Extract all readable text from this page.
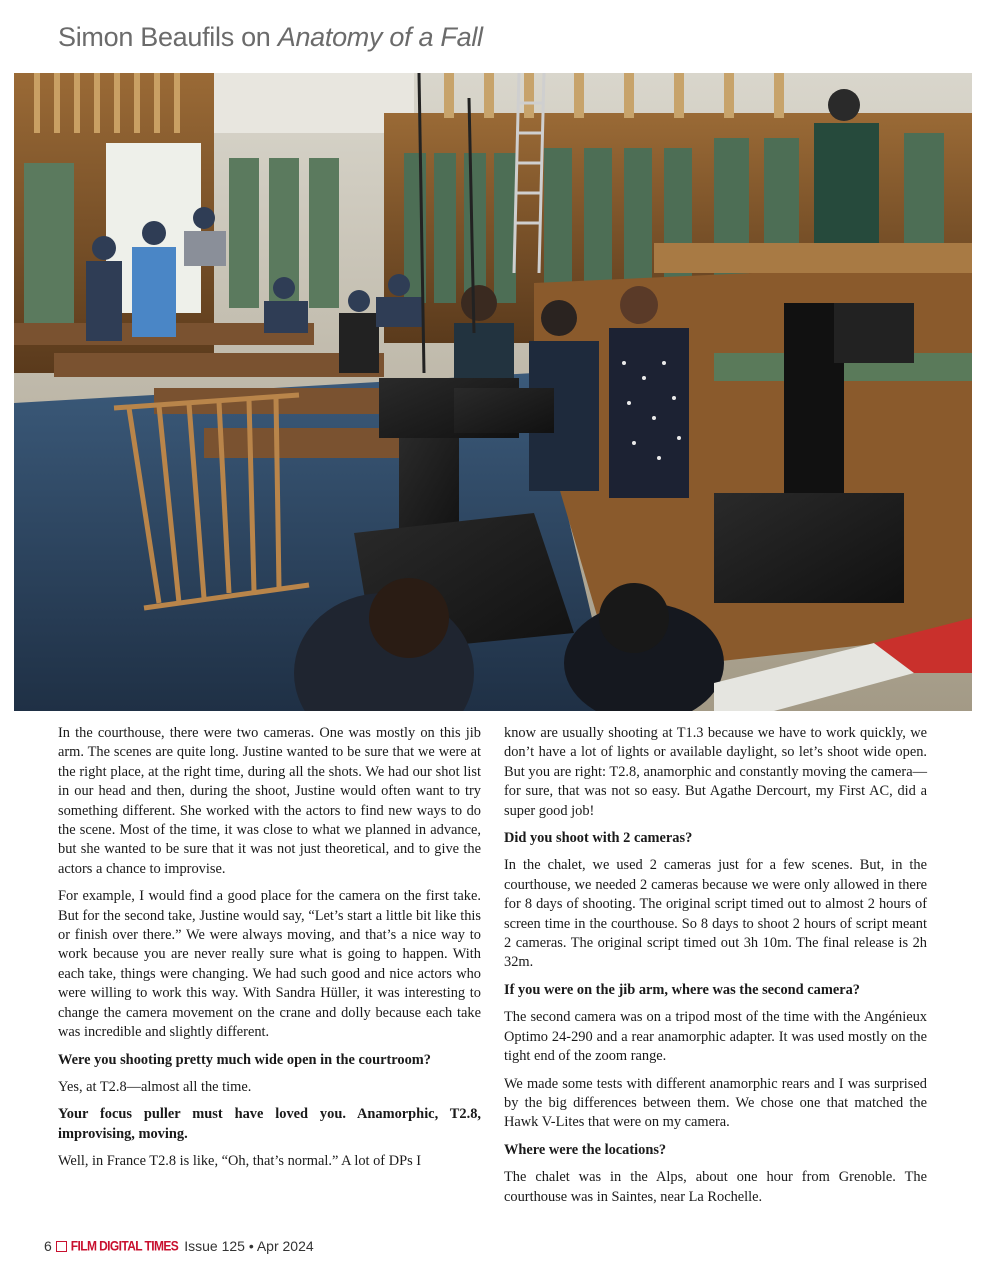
Simon Beaufils on Anatomy of a Fall

In the courthouse, there were two cameras. One was mostly on this jib arm. The scenes are quite long. Justine wanted to be sure that we were at the right place, at the right time, during all the shots. We had our shot list in our head and then, during the shoot, Justine would often want to try something different. She worked with the actors to find new ways to do the scene. Most of the time, it was close to what we planned in advance, but she wanted to be sure that it was not just theoretical, and to give the actors a chance to improvise.

For example, I would find a good place for the camera on the first take. But for the second take, Justine would say, “Let’s start a little bit like this or finish over there.” We were always moving, and that’s a nice way to work because you are never really sure what is going to happen. With each take, things were changing. We had such good and nice actors who were willing to work this way. With Sandra Hüller, it was interesting to change the camera movement on the crane and dolly because each take was incredible and slightly different.

Were you shooting pretty much wide open in the courtroom?

Yes, at T2.8—almost all the time.

Your focus puller must have loved you. Anamorphic, T2.8, improvising, moving.

Well, in France T2.8 is like, “Oh, that’s normal.” A lot of DPs I

know are usually shooting at T1.3 because we have to work quickly, we don’t have a lot of lights or available daylight, so let’s shoot wide open. But you are right: T2.8, anamorphic and constantly moving the camera—for sure, that was not so easy. But Agathe Dercourt, my First AC, did a super good job!

Did you shoot with 2 cameras?

In the chalet, we used 2 cameras just for a few scenes. But, in the courthouse, we needed 2 cameras because we were only allowed in there for 8 days of shooting. The original script timed out to almost 2 hours of screen time in the courthouse. So 8 days to shoot 2 hours of script meant 2 cameras. The original script timed out 3h 10m. The final release is 2h 32m.

If you were on the jib arm, where was the second camera?

The second camera was on a tripod most of the time with the Angénieux Optimo 24-290 and a rear anamorphic adapter. It was used mostly on the tight end of the zoom range.

We made some tests with different anamorphic rears and I was surprised by the big differences between them. We chose one that matched the Hawk V-Lites that were on my camera.

Where were the locations?

The chalet was in the Alps, about one hour from Grenoble. The courthouse was in Saintes, near La Rochelle.

6 FILM DIGITAL TIMES Issue 125 • Apr 2024
